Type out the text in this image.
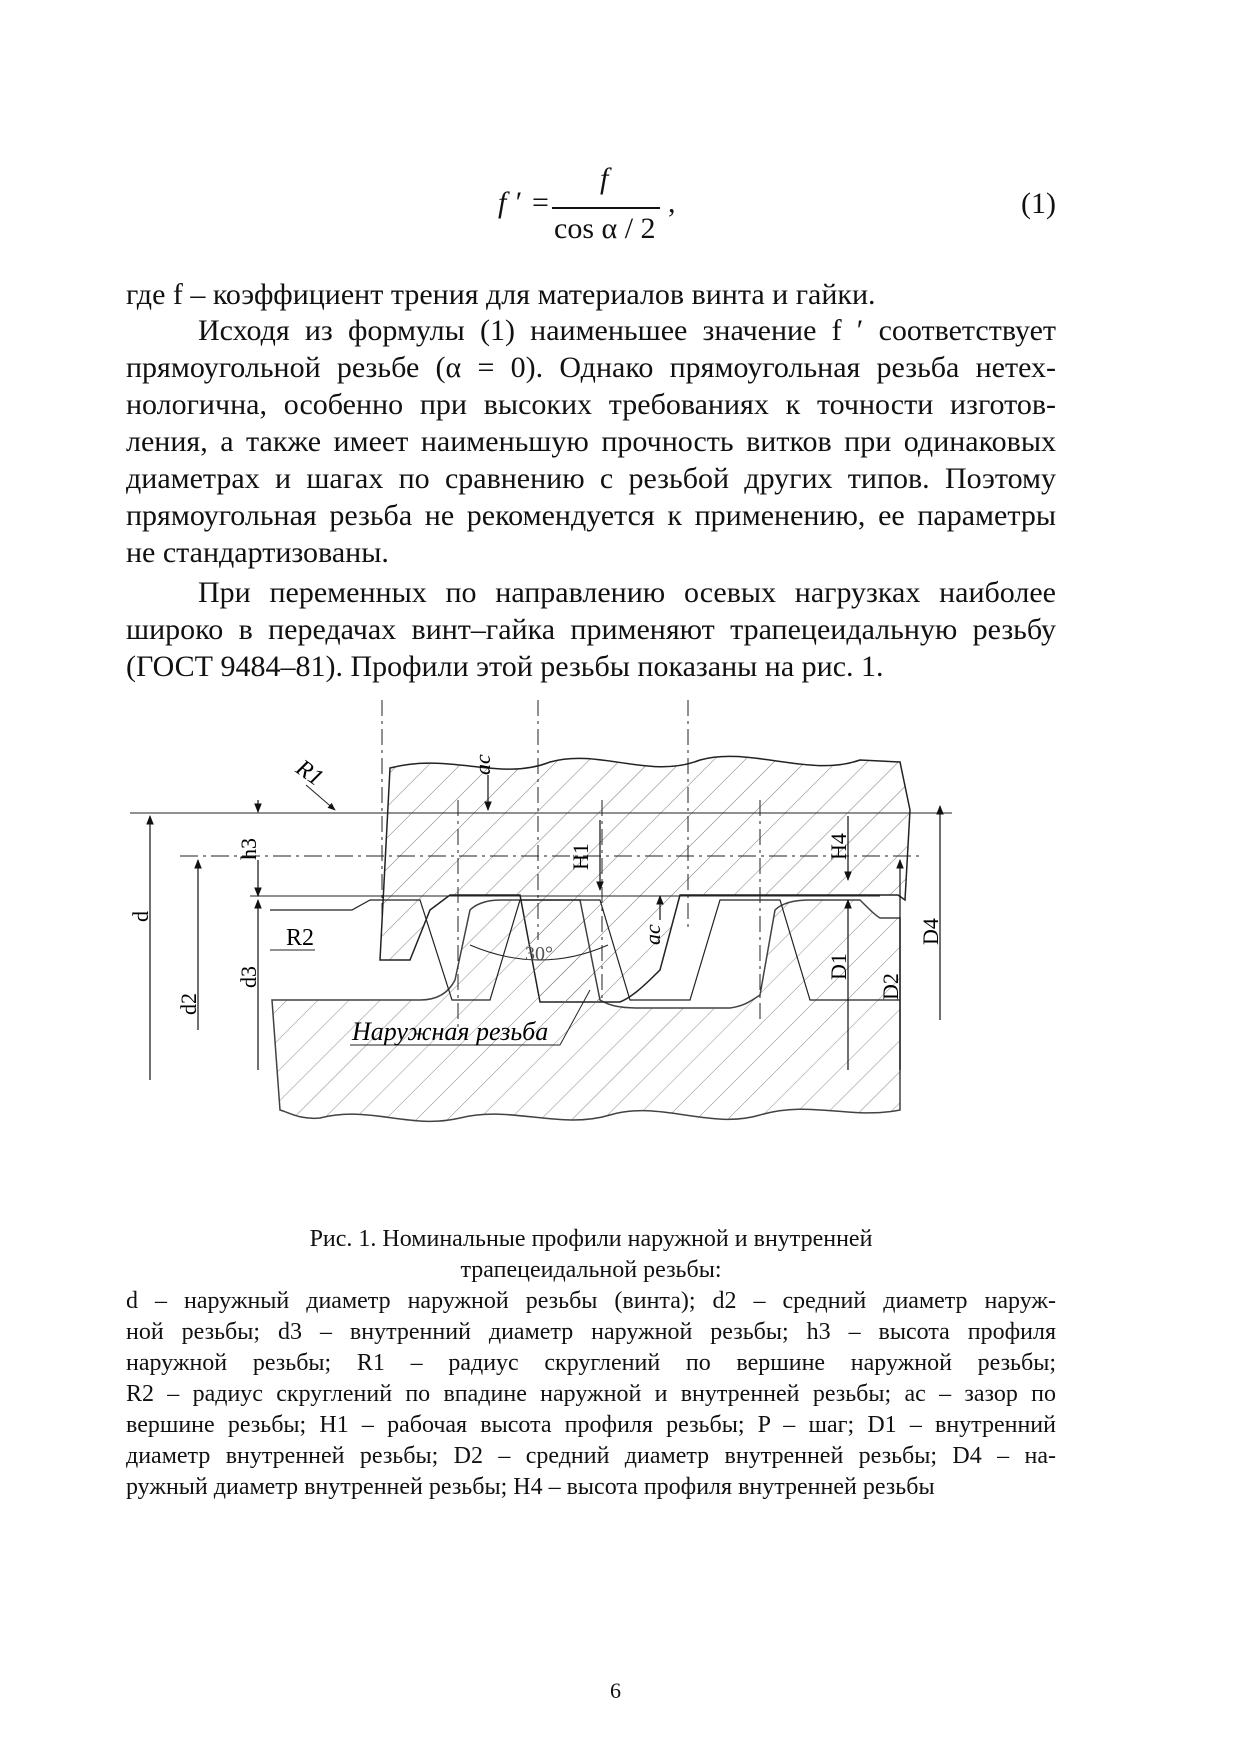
f ′ =
f
cos α / 2
,	(1)
где f – коэффициент трения для материалов винта и гайки.
Исходя из формулы (1) наименьшее значение f ′ соответствует
прямоугольной резьбе (α = 0). Однако прямоугольная резьба нетех-
нологична, особенно при высоких требованиях к точности изготов-
ления, а также имеет наименьшую прочность витков при одинаковых
диаметрах и шагах по сравнению с резьбой других типов. Поэтому
прямоугольная резьба не рекомендуется к применению, ее параметры
не стандартизованы.
При переменных по направлению осевых нагрузках наиболее
широко в передачах винт–гайка применяют трапецеидальную резьбу
(ГОСТ 9484–81). Профили этой резьбы показаны на рис. 1.
Наружная резьба
R1
R2
ac
ac
h3	H1	H4
d
d2
d3	D1
D2
D4
30°
Рис. 1. Номинальные профили наружной и внутренней
трапецеидальной резьбы:
d – наружный диаметр наружной резьбы (винта); d2 – средний диаметр наруж-
ной резьбы; d3 – внутренний диаметр наружной резьбы; h3 – высота профиля
наружной резьбы; R1 – радиус скруглений по вершине наружной резьбы;
R2 – радиус скруглений по впадине наружной и внутренней резьбы; ac – зазор по
вершине резьбы; H1 – рабочая высота профиля резьбы; P – шаг; D1 – внутренний
диаметр внутренней резьбы; D2 – средний диаметр внутренней резьбы; D4 – на-
ружный диаметр внутренней резьбы; H4 – высота профиля внутренней резьбы
6
